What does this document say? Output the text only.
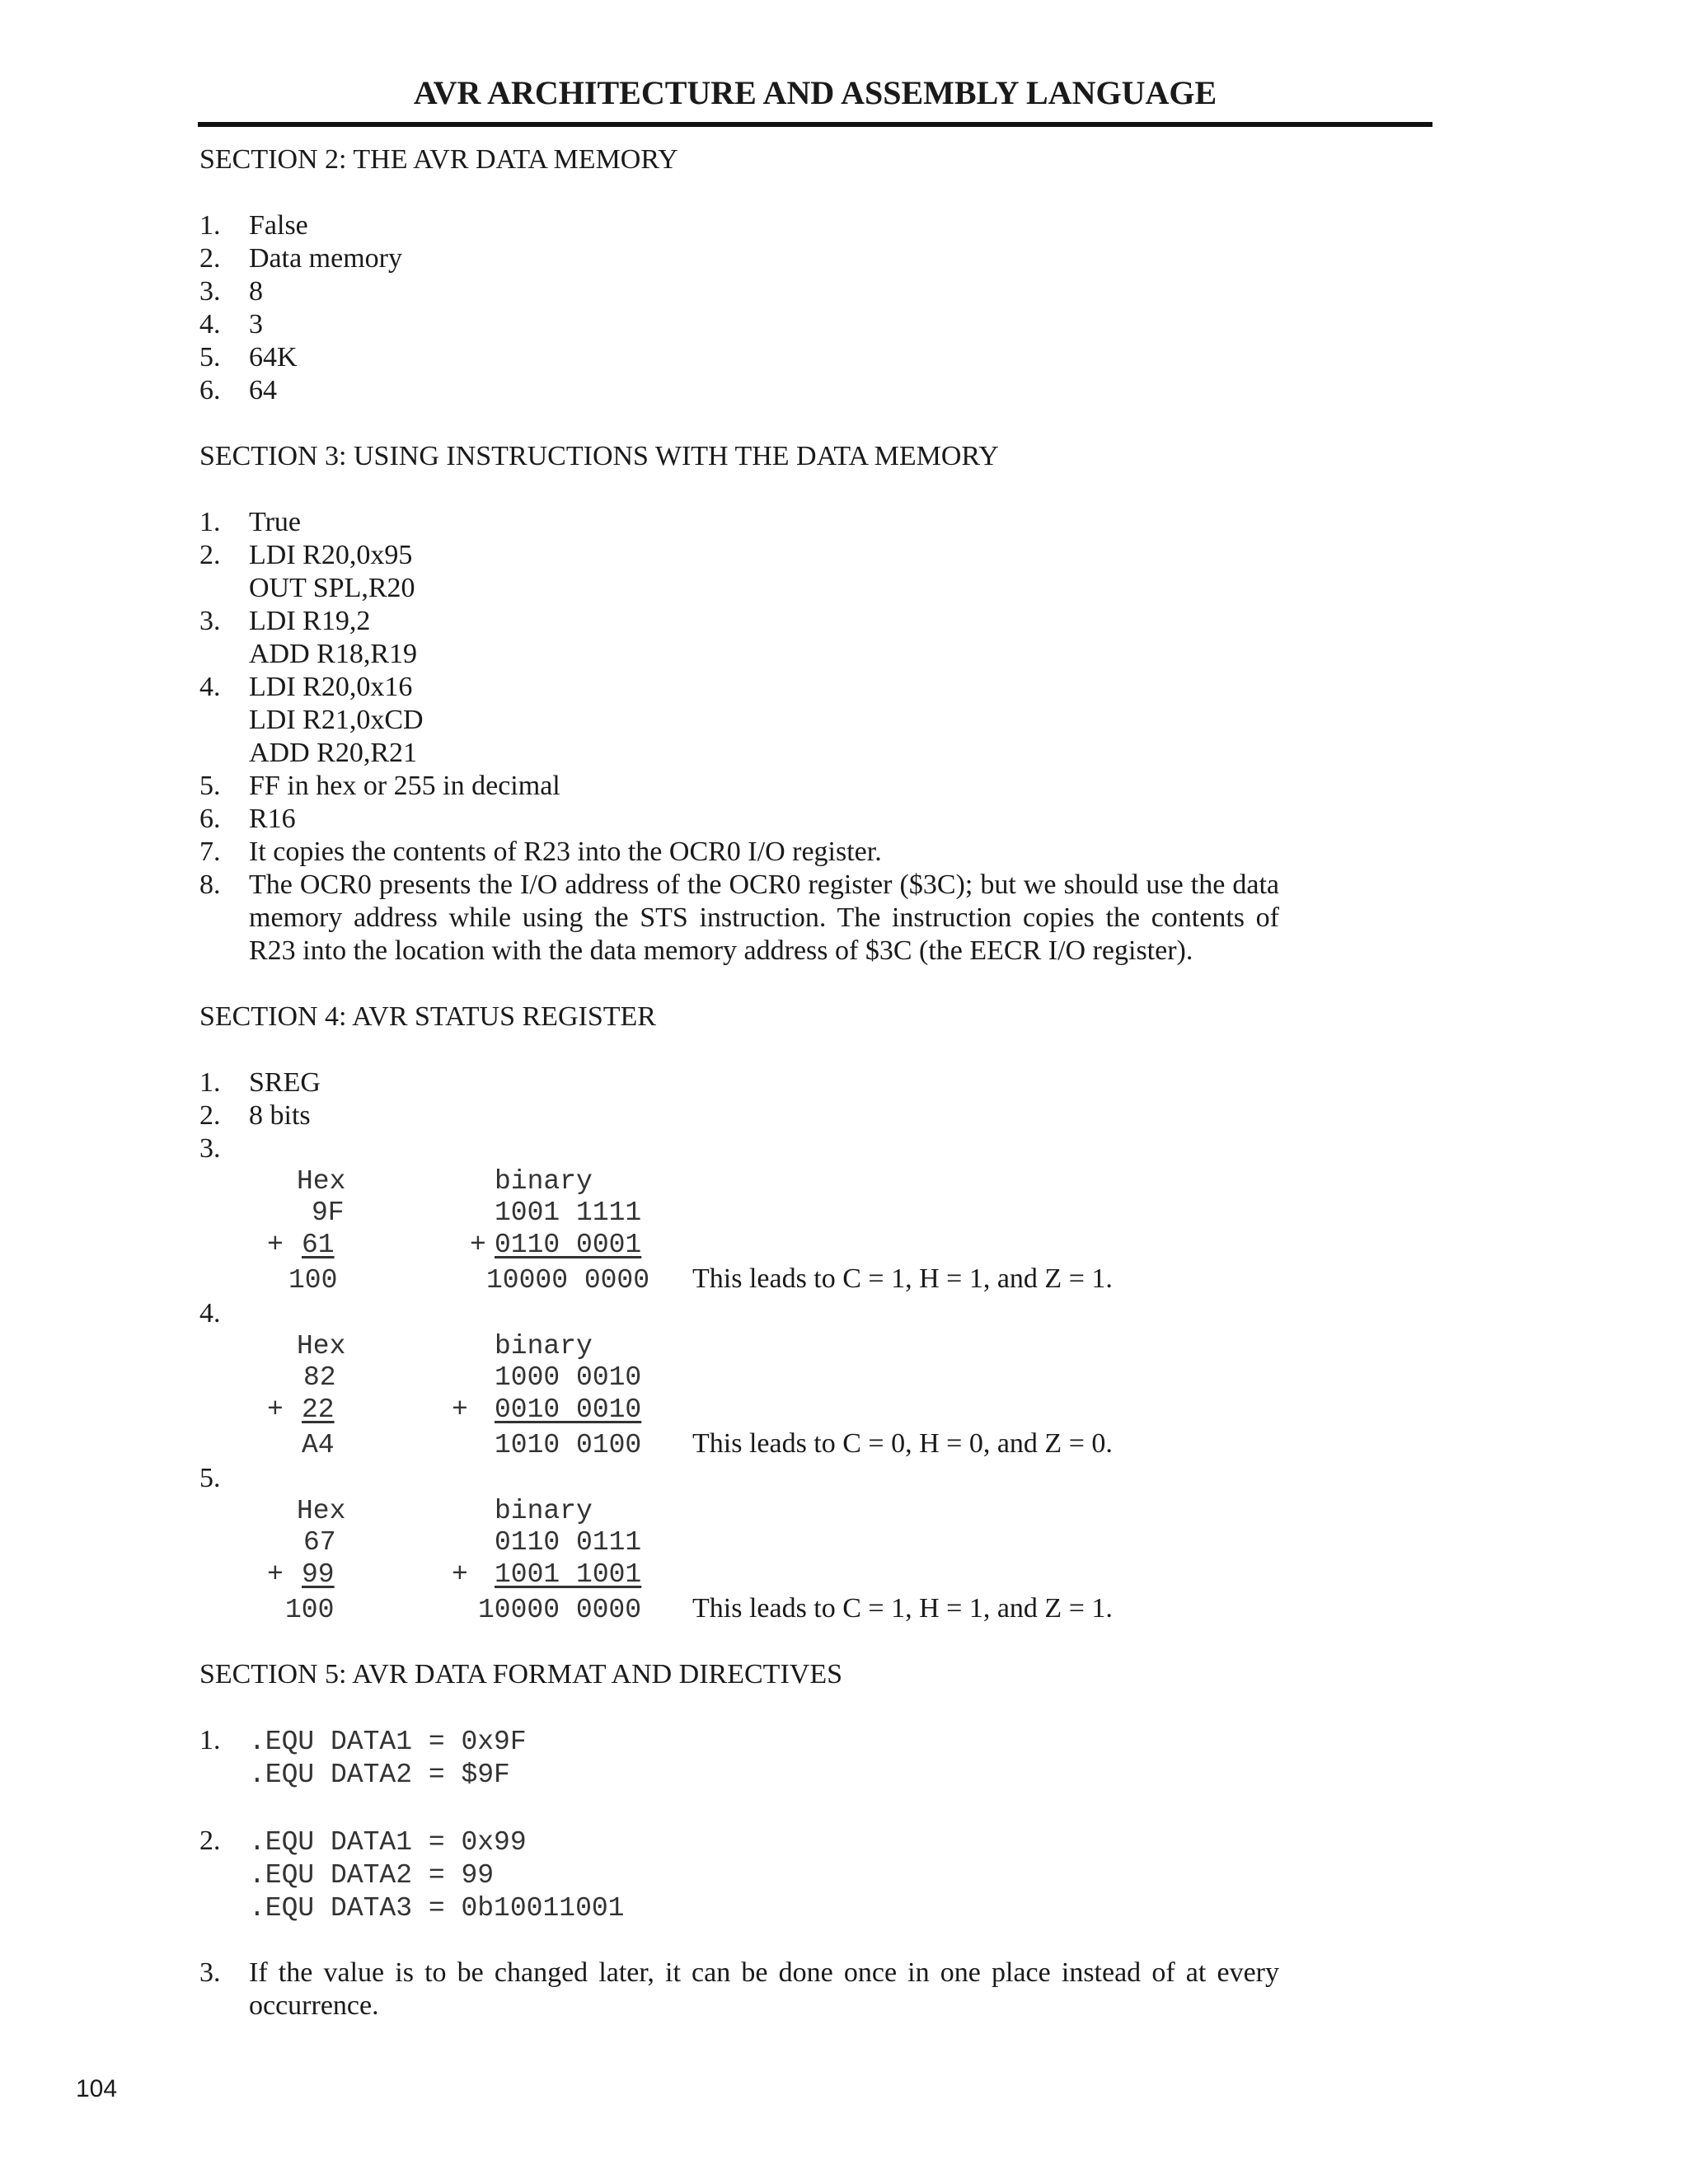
AVR ARCHITECTURE AND ASSEMBLY LANGUAGE
SECTION 2: THE AVR DATA MEMORY
1. False
2. Data memory
3. 8
4. 3
5. 64K
6. 64
SECTION 3: USING INSTRUCTIONS WITH THE DATA MEMORY
1. True
2. LDI R20,0x95
OUT SPL,R20
3. LDI R19,2
ADD R18,R19
4. LDI R20,0x16
LDI R21,0xCD
ADD R20,R21
5. FF in hex or 255 in decimal
6. R16
7. It copies the contents of R23 into the OCR0 I/O register.
8. The OCR0 presents the I/O address of the OCR0 register ($3C); but we should use the data memory address while using the STS instruction. The instruction copies the contents of R23 into the location with the data memory address of $3C (the EECR I/O register).
SECTION 4: AVR STATUS REGISTER
1. SREG
2. 8 bits
3.
Hex	binary
9F	1001 1111
+ 61	+ 0110 0001
100	10000 0000 This leads to C = 1, H = 1, and Z = 1.
4.
Hex	binary
82	1000 0010
+ 22	+ 0010 0010
A4	1010 0100 This leads to C = 0, H = 0, and Z = 0.
5.
Hex	binary
67	0110 0111
+ 99	+ 1001 1001
100	10000 0000 This leads to C = 1, H = 1, and Z = 1.
SECTION 5: AVR DATA FORMAT AND DIRECTIVES
1. .EQU DATA1 = 0x9F
.EQU DATA2 = $9F
2. .EQU DATA1 = 0x99
.EQU DATA2 = 99
.EQU DATA3 = 0b10011001
3. If the value is to be changed later, it can be done once in one place instead of at every occurrence.
104
